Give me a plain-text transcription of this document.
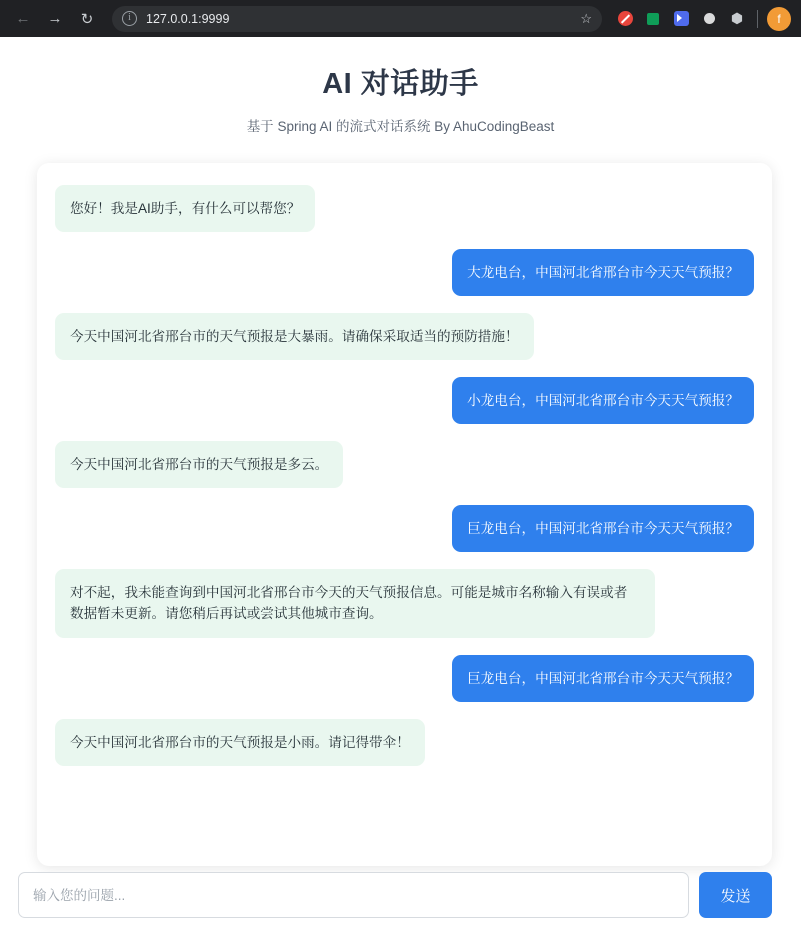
←	→	↻	i	127.0.0.1:9999	☆	⬢	f
AI 对话助手

基于 Spring AI 的流式对话系统 By AhuCodingBeast

您好！我是AI助手，有什么可以帮您？
大龙电台，中国河北省邢台市今天天气预报？
今天中国河北省邢台市的天气预报是大暴雨。请确保采取适当的预防措施！
小龙电台，中国河北省邢台市今天天气预报？
今天中国河北省邢台市的天气预报是多云。
巨龙电台，中国河北省邢台市今天天气预报？
对不起，我未能查询到中国河北省邢台市今天的天气预报信息。可能是城市名称输入有误或者数据暂未更新。请您稍后再试或尝试其他城市查询。
巨龙电台，中国河北省邢台市今天天气预报？
今天中国河北省邢台市的天气预报是小雨。请记得带伞！
输入您的问题...
发送
